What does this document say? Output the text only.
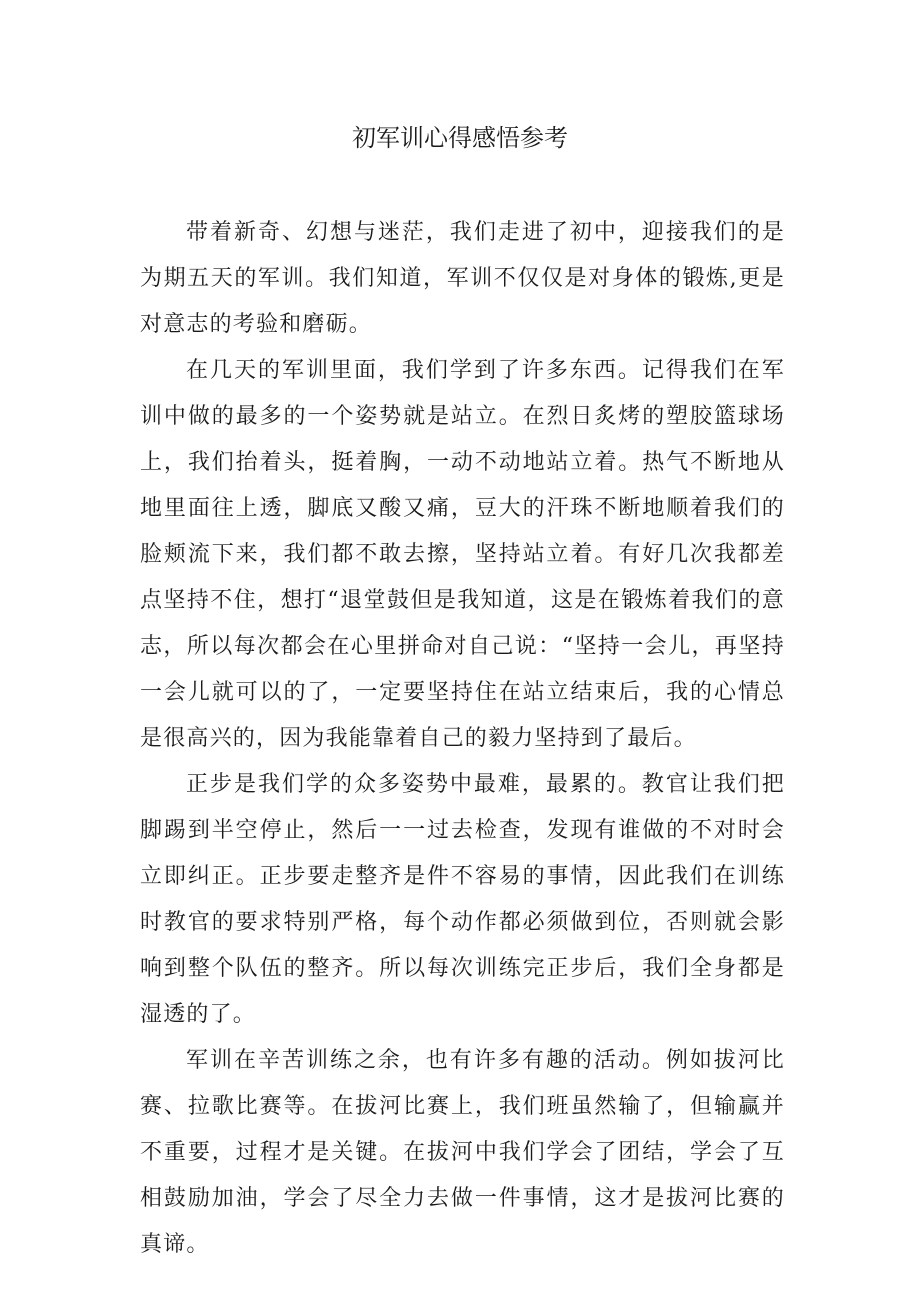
初军训心得感悟参考

带着新奇、幻想与迷茫，我们走进了初中，迎接我们的是为期五天的军训。我们知道，军训不仅仅是对身体的锻炼,更是对意志的考验和磨砺。

在几天的军训里面，我们学到了许多东西。记得我们在军训中做的最多的一个姿势就是站立。在烈日炙烤的塑胶篮球场上，我们抬着头，挺着胸，一动不动地站立着。热气不断地从地里面往上透，脚底又酸又痛，豆大的汗珠不断地顺着我们的脸颊流下来，我们都不敢去擦，坚持站立着。有好几次我都差点坚持不住，想打“退堂鼓但是我知道，这是在锻炼着我们的意志，所以每次都会在心里拼命对自己说：“坚持一会儿，再坚持一会儿就可以的了，一定要坚持住在站立结束后，我的心情总是很高兴的，因为我能靠着自己的毅力坚持到了最后。

正步是我们学的众多姿势中最难，最累的。教官让我们把脚踢到半空停止，然后一一过去检查，发现有谁做的不对时会立即纠正。正步要走整齐是件不容易的事情，因此我们在训练时教官的要求特别严格，每个动作都必须做到位，否则就会影响到整个队伍的整齐。所以每次训练完正步后，我们全身都是湿透的了。

军训在辛苦训练之余，也有许多有趣的活动。例如拔河比赛、拉歌比赛等。在拔河比赛上，我们班虽然输了，但输赢并不重要，过程才是关键。在拔河中我们学会了团结，学会了互相鼓励加油，学会了尽全力去做一件事情，这才是拔河比赛的真谛。
